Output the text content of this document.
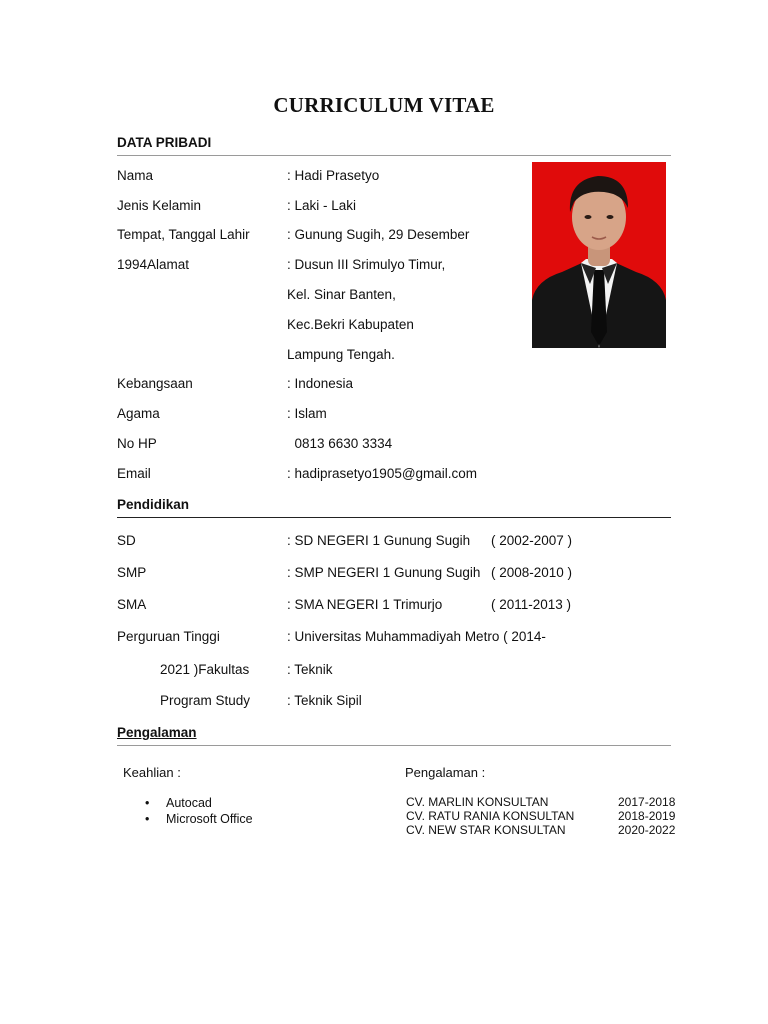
CURRICULUM VITAE
DATA PRIBADI
Nama	: Hadi Prasetyo
Jenis Kelamin	: Laki - Laki
Tempat, Tanggal Lahir	: Gunung Sugih, 29 Desember
1994Alamat	: Dusun III Srimulyo Timur,
Kel. Sinar Banten,
Kec.Bekri Kabupaten
Lampung Tengah.
Kebangsaan	: Indonesia
Agama	: Islam
No HP	0813 6630 3334
Email	: hadiprasetyo1905@gmail.com
Pendidikan
SD	: SD NEGERI 1 Gunung Sugih ( 2002-2007 )
SMP	: SMP NEGERI 1 Gunung Sugih ( 2008-2010 )
SMA	: SMA NEGERI 1 Trimurjo	( 2011-2013 )
Perguruan Tinggi	: Universitas Muhammadiyah Metro ( 2014-
2021 )Fakultas	: Teknik
Program Study	: Teknik Sipil
Pengalaman
Keahlian :	Pengalaman :
• Autocad
• Microsoft Office
CV. MARLIN KONSULTAN	2017-2018
CV. RATU RANIA KONSULTAN	2018-2019
CV. NEW STAR KONSULTAN	2020-2022
